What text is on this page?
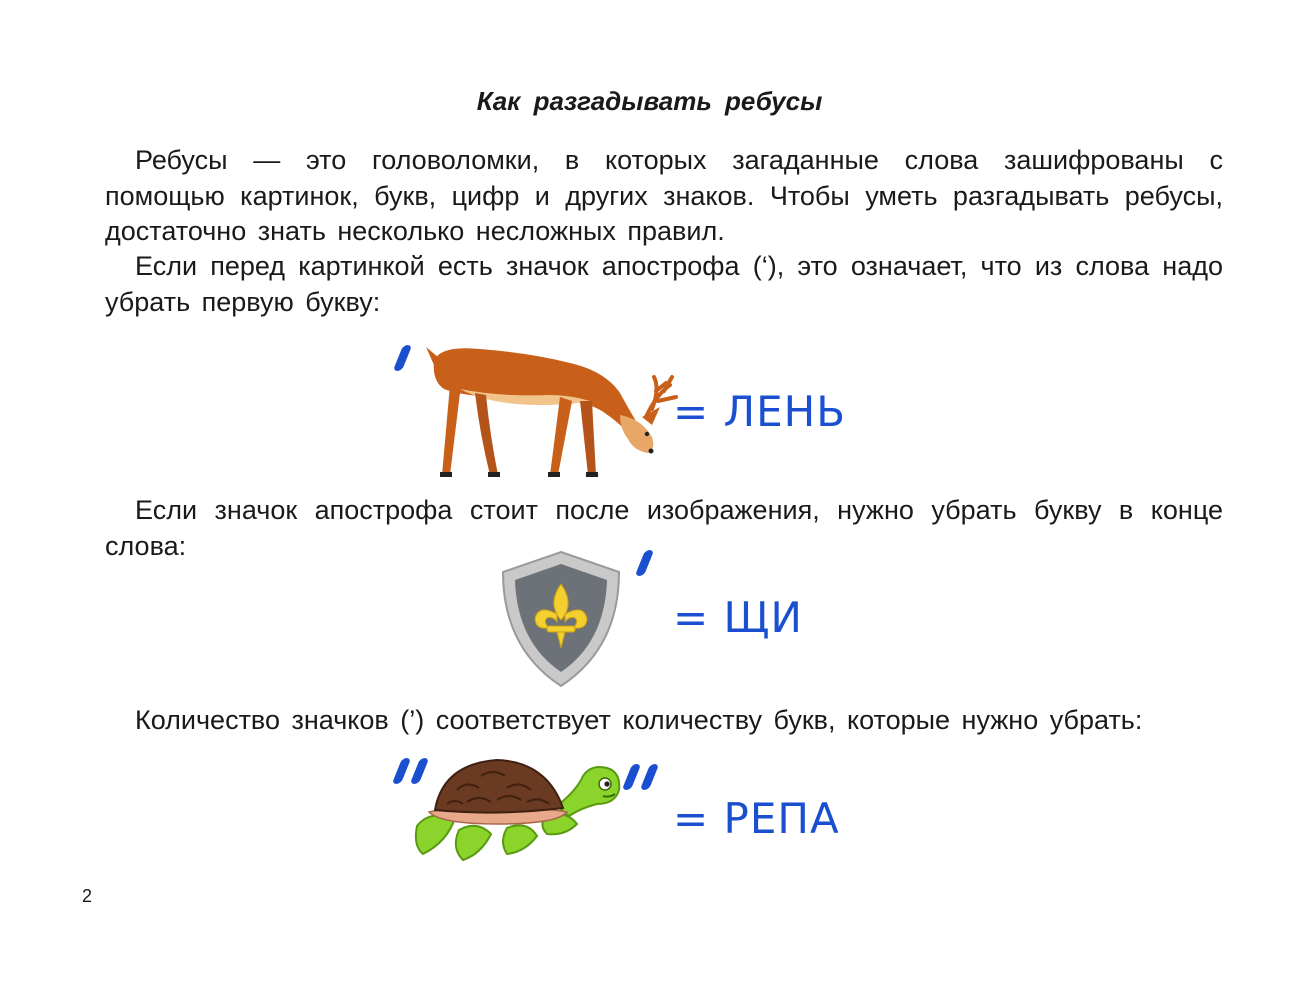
Как разгадывать ребусы

Ребусы — это головоломки, в которых загаданные слова зашифрованы с помощью картинок, букв, цифр и других знаков. Чтобы уметь разгадывать ребусы, достаточно знать несколько несложных правил.

Если перед картинкой есть значок апострофа (‘), это означает, что из слова надо убрать первую букву:

= ЛЕНЬ

Если значок апострофа стоит после изображения, нужно убрать букву в конце слова:

= ЩИ

Количество значков (’) соответствует количеству букв, которые нужно убрать:

= РЕПА
2
